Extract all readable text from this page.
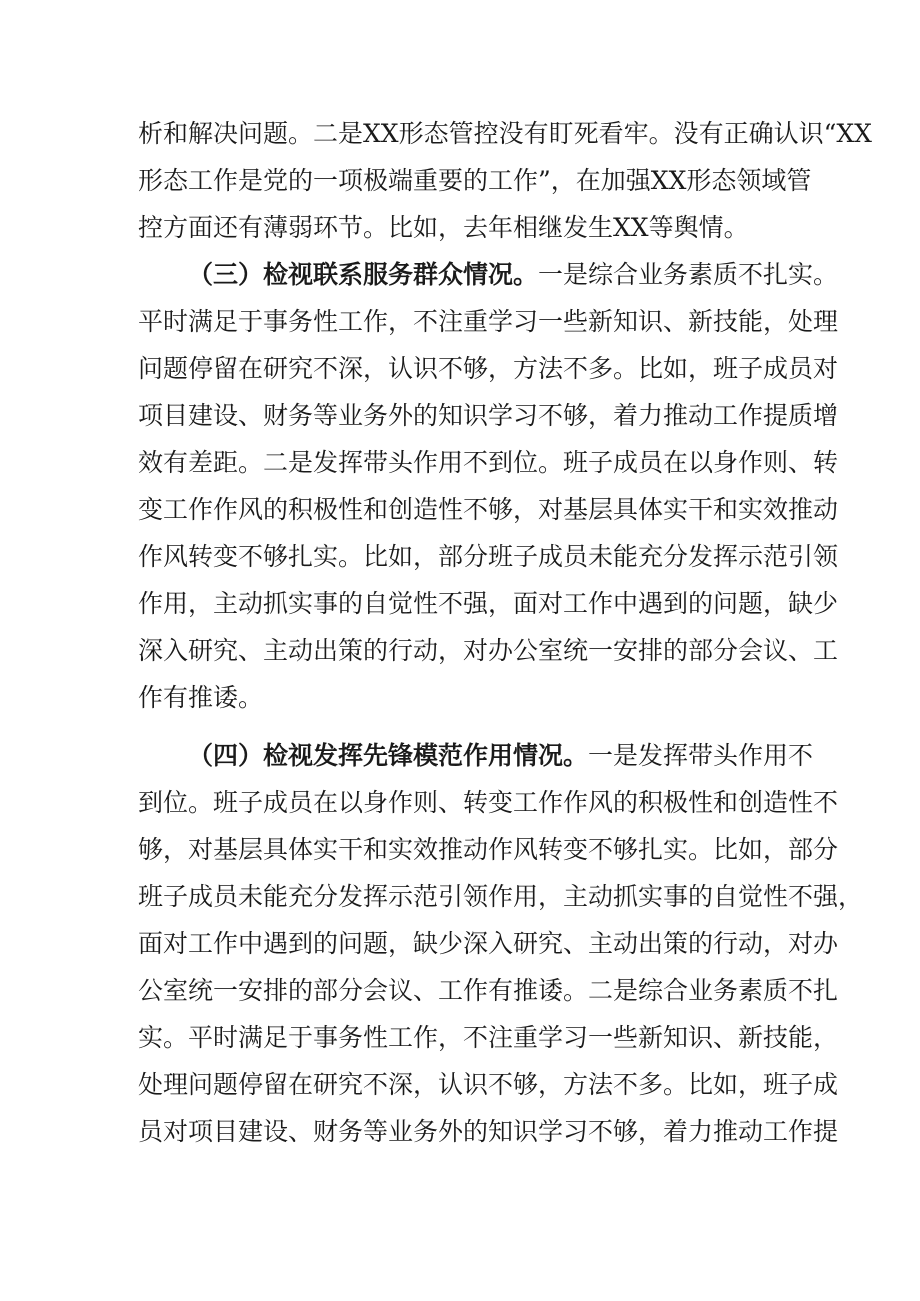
析和解决问题。二是XX形态管控没有盯死看牢。没有正确认识“XX
形态工作是党的一项极端重要的工作”，在加强XX形态领域管
控方面还有薄弱环节。比如，去年相继发生XX等舆情。
（三）检视联系服务群众情况。一是综合业务素质不扎实。
平时满足于事务性工作，不注重学习一些新知识、新技能，处理
问题停留在研究不深，认识不够，方法不多。比如，班子成员对
项目建设、财务等业务外的知识学习不够，着力推动工作提质增
效有差距。二是发挥带头作用不到位。班子成员在以身作则、转
变工作作风的积极性和创造性不够，对基层具体实干和实效推动
作风转变不够扎实。比如，部分班子成员未能充分发挥示范引领
作用，主动抓实事的自觉性不强，面对工作中遇到的问题，缺少
深入研究、主动出策的行动，对办公室统一安排的部分会议、工
作有推诿。
（四）检视发挥先锋模范作用情况。一是发挥带头作用不
到位。班子成员在以身作则、转变工作作风的积极性和创造性不
够，对基层具体实干和实效推动作风转变不够扎实。比如，部分
班子成员未能充分发挥示范引领作用，主动抓实事的自觉性不强，
面对工作中遇到的问题，缺少深入研究、主动出策的行动，对办
公室统一安排的部分会议、工作有推诿。二是综合业务素质不扎
实。平时满足于事务性工作，不注重学习一些新知识、新技能，
处理问题停留在研究不深，认识不够，方法不多。比如，班子成
员对项目建设、财务等业务外的知识学习不够，着力推动工作提
